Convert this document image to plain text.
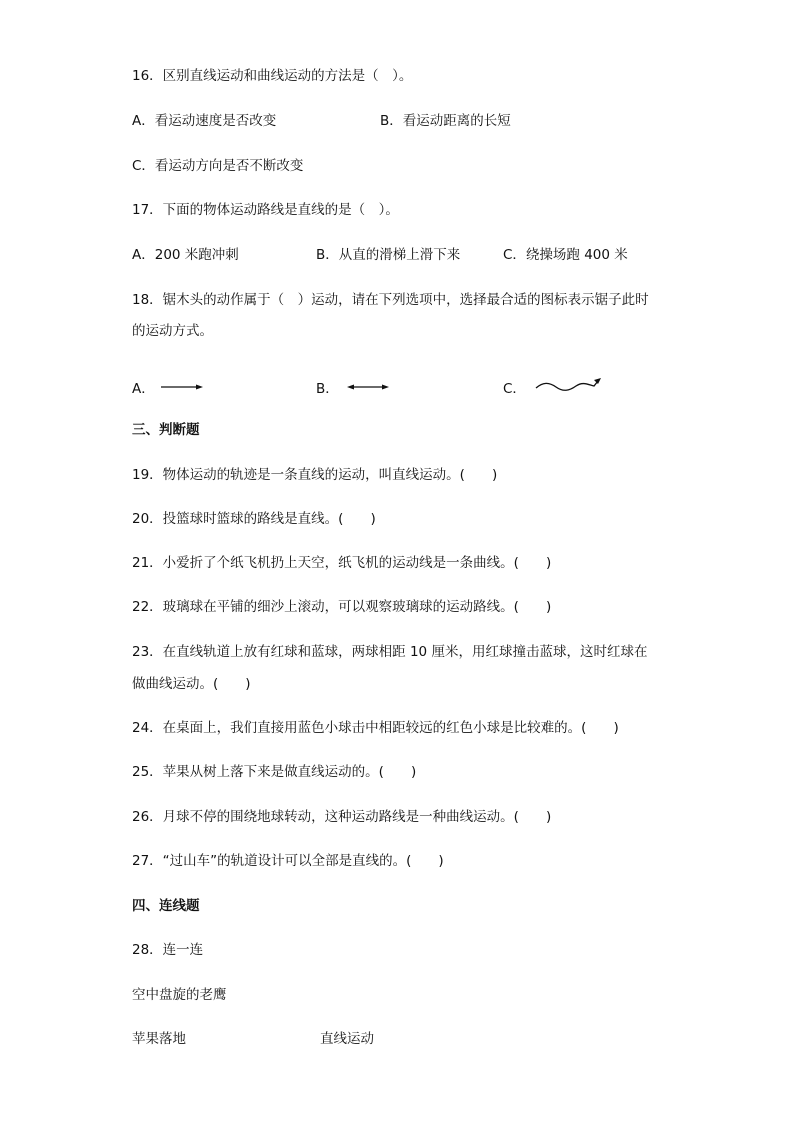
16．区别直线运动和曲线运动的方法是（　）。
A．看运动速度是否改变	B．看运动距离的长短
C．看运动方向是否不断改变
17．下面的物体运动路线是直线的是（　）。
A．200 米跑冲刺	B．从直的滑梯上滑下来	C．绕操场跑 400 米
18．锯木头的动作属于（　）运动，请在下列选项中，选择最合适的图标表示锯子此时
的运动方式。
A．	B．	C．
三、判断题
19．物体运动的轨迹是一条直线的运动，叫直线运动。(　　)
20．投篮球时篮球的路线是直线。(　　)
21．小爱折了个纸飞机扔上天空，纸飞机的运动线是一条曲线。(　　)
22．玻璃球在平铺的细沙上滚动，可以观察玻璃球的运动路线。(　　)
23．在直线轨道上放有红球和蓝球，两球相距 10 厘米，用红球撞击蓝球，这时红球在
做曲线运动。(　　)
24．在桌面上，我们直接用蓝色小球击中相距较远的红色小球是比较难的。(　　)
25．苹果从树上落下来是做直线运动的。(　　)
26．月球不停的围绕地球转动，这种运动路线是一种曲线运动。(　　)
27．“过山车”的轨道设计可以全部是直线的。(　　)
四、连线题
28．连一连
空中盘旋的老鹰
苹果落地	直线运动
